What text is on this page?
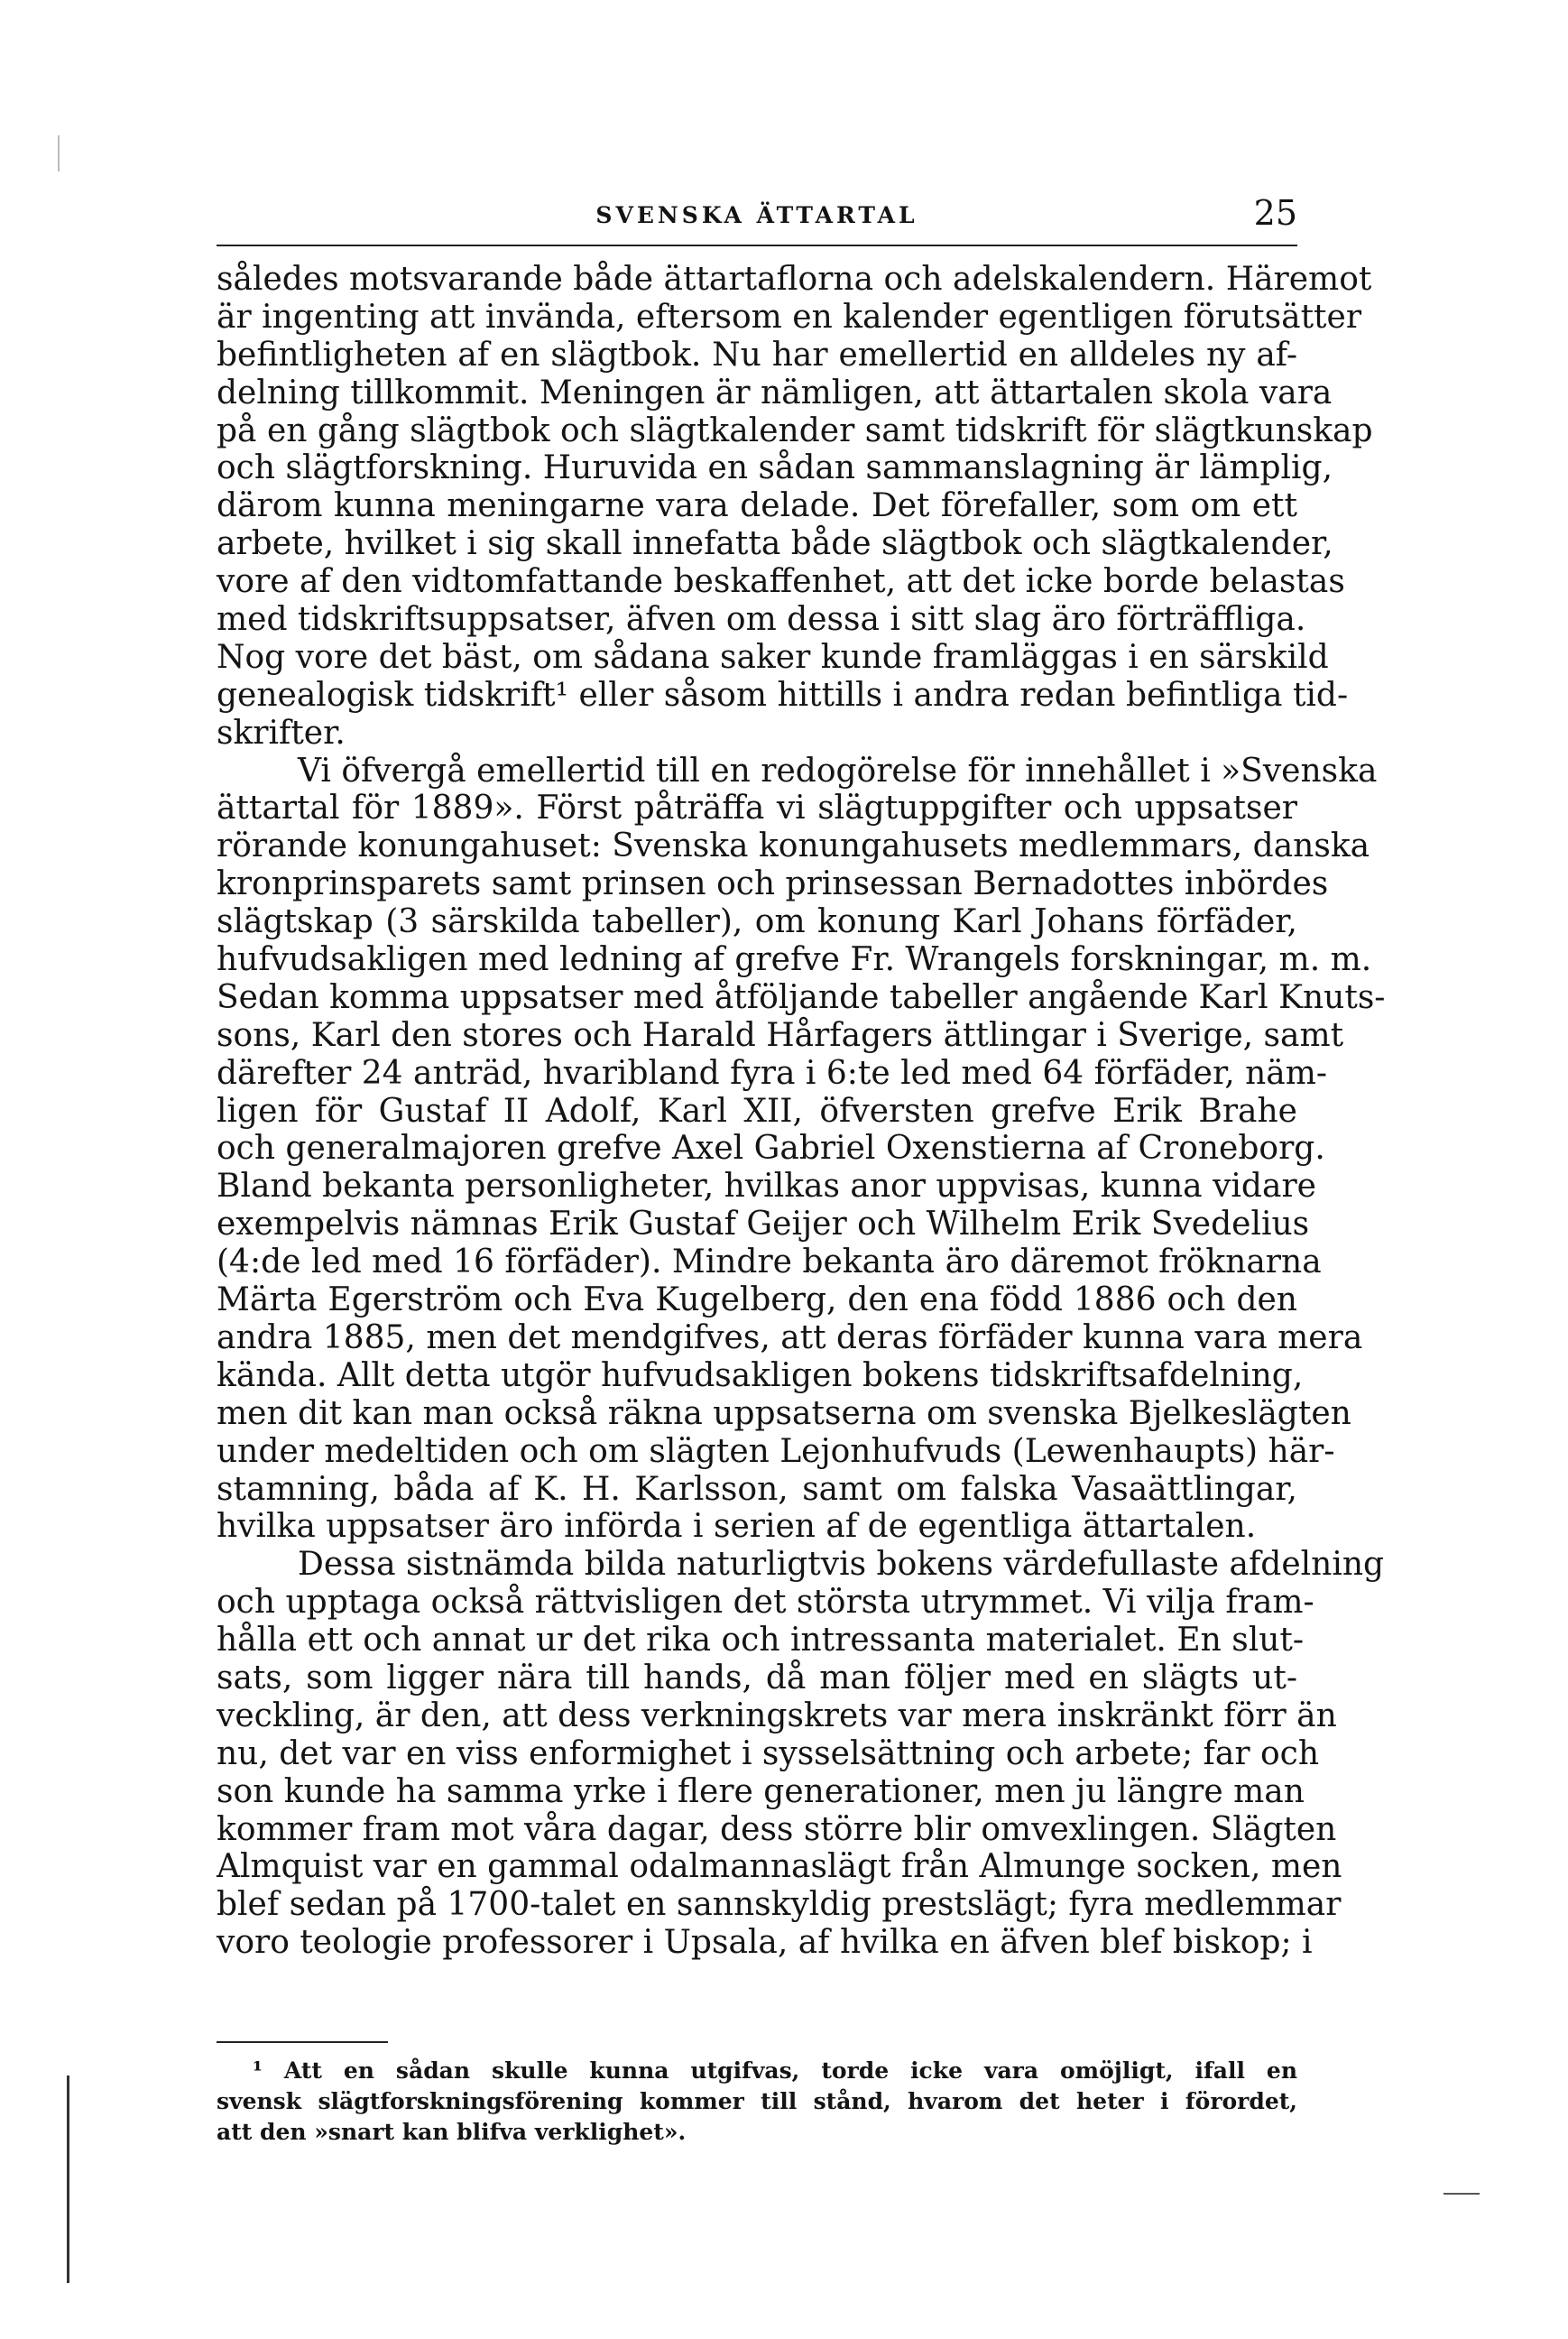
SVENSKA ÄTTARTAL	25
således motsvarande både ättartaflorna och adelskalendern. Häremot
är ingenting att invända, eftersom en kalender egentligen förutsätter
befintligheten af en slägtbok. Nu har emellertid en alldeles ny af-
delning tillkommit. Meningen är nämligen, att ättartalen skola vara
på en gång slägtbok och slägtkalender samt tidskrift för slägtkunskap
och slägtforskning. Huruvida en sådan sammanslagning är lämplig,
därom kunna meningarne vara delade. Det förefaller, som om ett
arbete, hvilket i sig skall innefatta både slägtbok och slägtkalender,
vore af den vidtomfattande beskaffenhet, att det icke borde belastas
med tidskriftsuppsatser, äfven om dessa i sitt slag äro förträffliga.
Nog vore det bäst, om sådana saker kunde framläggas i en särskild
genealogisk tidskrift¹ eller såsom hittills i andra redan befintliga tid-
skrifter.
Vi öfvergå emellertid till en redogörelse för innehållet i »Svenska
ättartal för 1889». Först påträffa vi slägtuppgifter och uppsatser
rörande konungahuset: Svenska konungahusets medlemmars, danska
kronprinsparets samt prinsen och prinsessan Bernadottes inbördes
slägtskap (3 särskilda tabeller), om konung Karl Johans förfäder,
hufvudsakligen med ledning af grefve Fr. Wrangels forskningar, m. m.
Sedan komma uppsatser med åtföljande tabeller angående Karl Knuts-
sons, Karl den stores och Harald Hårfagers ättlingar i Sverige, samt
därefter 24 anträd, hvaribland fyra i 6:te led med 64 förfäder, näm-
ligen för Gustaf II Adolf, Karl XII, öfversten grefve Erik Brahe
och generalmajoren grefve Axel Gabriel Oxenstierna af Croneborg.
Bland bekanta personligheter, hvilkas anor uppvisas, kunna vidare
exempelvis nämnas Erik Gustaf Geijer och Wilhelm Erik Svedelius
(4:de led med 16 förfäder). Mindre bekanta äro däremot fröknarna
Märta Egerström och Eva Kugelberg, den ena född 1886 och den
andra 1885, men det mendgifves, att deras förfäder kunna vara mera
kända. Allt detta utgör hufvudsakligen bokens tidskriftsafdelning,
men dit kan man också räkna uppsatserna om svenska Bjelkeslägten
under medeltiden och om slägten Lejonhufvuds (Lewenhaupts) här-
stamning, båda af K. H. Karlsson, samt om falska Vasaättlingar,
hvilka uppsatser äro införda i serien af de egentliga ättartalen.
Dessa sistnämda bilda naturligtvis bokens värdefullaste afdelning
och upptaga också rättvisligen det största utrymmet. Vi vilja fram-
hålla ett och annat ur det rika och intressanta materialet. En slut-
sats, som ligger nära till hands, då man följer med en slägts ut-
veckling, är den, att dess verkningskrets var mera inskränkt förr än
nu, det var en viss enformighet i sysselsättning och arbete; far och
son kunde ha samma yrke i flere generationer, men ju längre man
kommer fram mot våra dagar, dess större blir omvexlingen. Slägten
Almquist var en gammal odalmannaslägt från Almunge socken, men
blef sedan på 1700-talet en sannskyldig prestslägt; fyra medlemmar
voro teologie professorer i Upsala, af hvilka en äfven blef biskop; i
¹ Att en sådan skulle kunna utgifvas, torde icke vara omöjligt, ifall en
svensk slägtforskningsförening kommer till stånd, hvarom det heter i förordet,
att den »snart kan blifva verklighet».
